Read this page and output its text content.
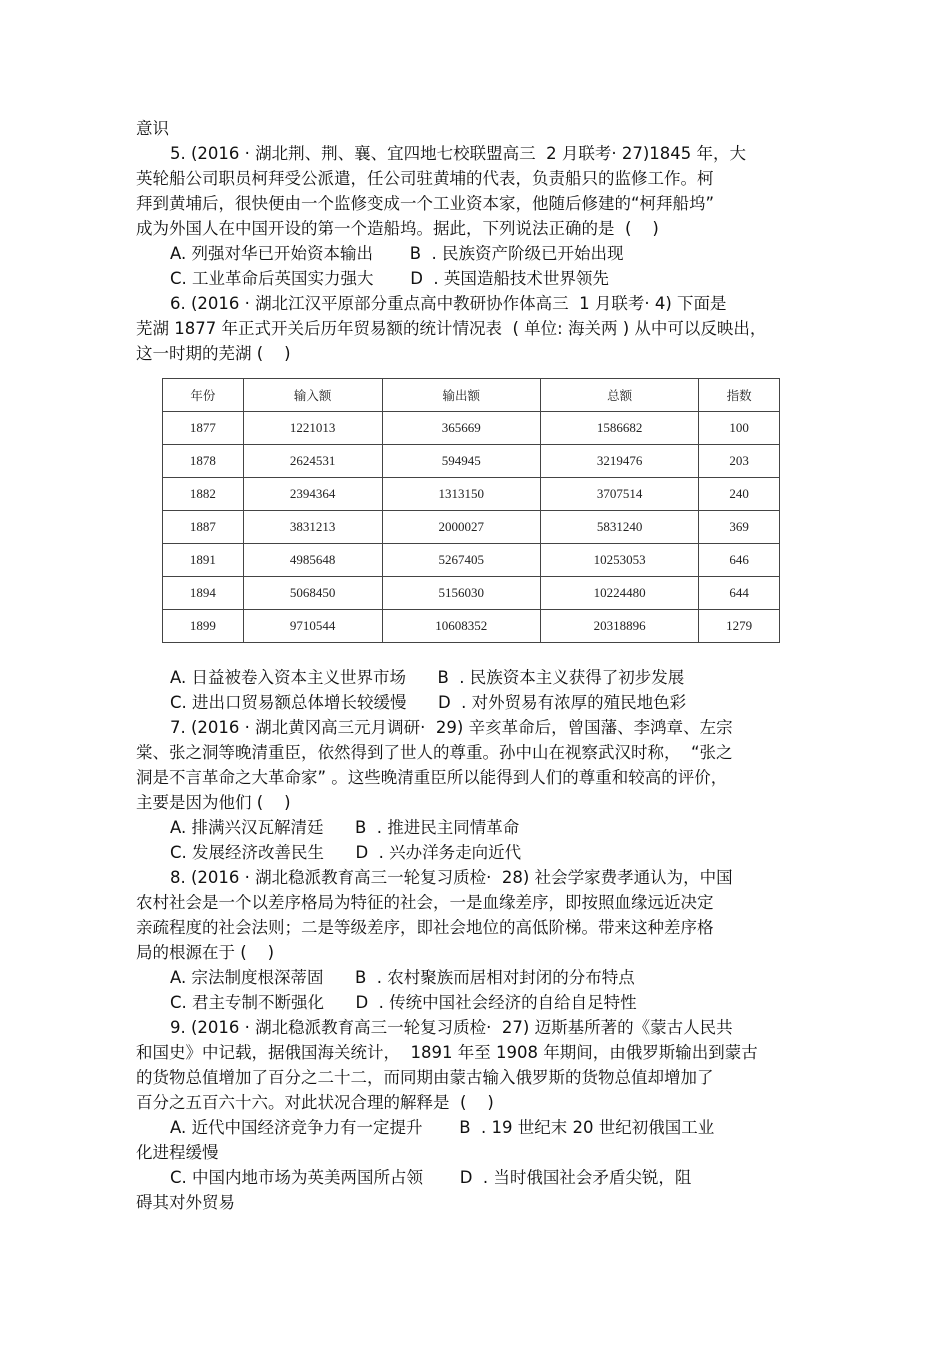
意识
5. (2016 · 湖北荆、荆、襄、宜四地七校联盟高三  2 月联考· 27)1845 年，大
英轮船公司职员柯拜受公派遣，任公司驻黄埔的代表，负责船只的监修工作。柯
拜到黄埔后，很快便由一个监修变成一个工业资本家，他随后修建的“柯拜船坞”
成为外国人在中国开设的第一个造船坞。据此，下列说法正确的是  (    )
A. 列强对华已开始资本输出       B  . 民族资产阶级已开始出现
C. 工业革命后英国实力强大       D  . 英国造船技术世界领先
6. (2016 · 湖北江汉平原部分重点高中教研协作体高三  1 月联考· 4) 下面是
芜湖 1877 年正式开关后历年贸易额的统计情况表  ( 单位: 海关两 ) 从中可以反映出，
这一时期的芜湖 (    )
年份	输入额	输出额	总额	指数
1877	1221013	365669	1586682	100
1878	2624531	594945	3219476	203
1882	2394364	1313150	3707514	240
1887	3831213	2000027	5831240	369
1891	4985648	5267405	10253053	646
1894	5068450	5156030	10224480	644
1899	9710544	10608352	20318896	1279
A. 日益被卷入资本主义世界市场      B  . 民族资本主义获得了初步发展
C. 进出口贸易额总体增长较缓慢      D  . 对外贸易有浓厚的殖民地色彩
7. (2016 · 湖北黄冈高三元月调研·  29) 辛亥革命后，曾国藩、李鸿章、左宗
棠、张之洞等晚清重臣，依然得到了世人的尊重。孙中山在视察武汉时称，  “张之
洞是不言革命之大革命家” 。这些晚清重臣所以能得到人们的尊重和较高的评价，
主要是因为他们 (    )
A. 排满兴汉瓦解清廷      B  . 推进民主同情革命
C. 发展经济改善民生      D  . 兴办洋务走向近代
8. (2016 · 湖北稳派教育高三一轮复习质检·  28) 社会学家费孝通认为，中国
农村社会是一个以差序格局为特征的社会，一是血缘差序，即按照血缘远近决定
亲疏程度的社会法则；二是等级差序，即社会地位的高低阶梯。带来这种差序格
局的根源在于 (    )
A. 宗法制度根深蒂固      B  . 农村聚族而居相对封闭的分布特点
C. 君主专制不断强化      D  . 传统中国社会经济的自给自足特性
9. (2016 · 湖北稳派教育高三一轮复习质检·  27) 迈斯基所著的《蒙古人民共
和国史》中记载，据俄国海关统计，  1891 年至 1908 年期间，由俄罗斯输出到蒙古
的货物总值增加了百分之二十二，而同期由蒙古输入俄罗斯的货物总值却增加了
百分之五百六十六。对此状况合理的解释是  (    )
A. 近代中国经济竞争力有一定提升       B  . 19 世纪末 20 世纪初俄国工业
化进程缓慢
C. 中国内地市场为英美两国所占领       D  . 当时俄国社会矛盾尖锐，阻
碍其对外贸易
